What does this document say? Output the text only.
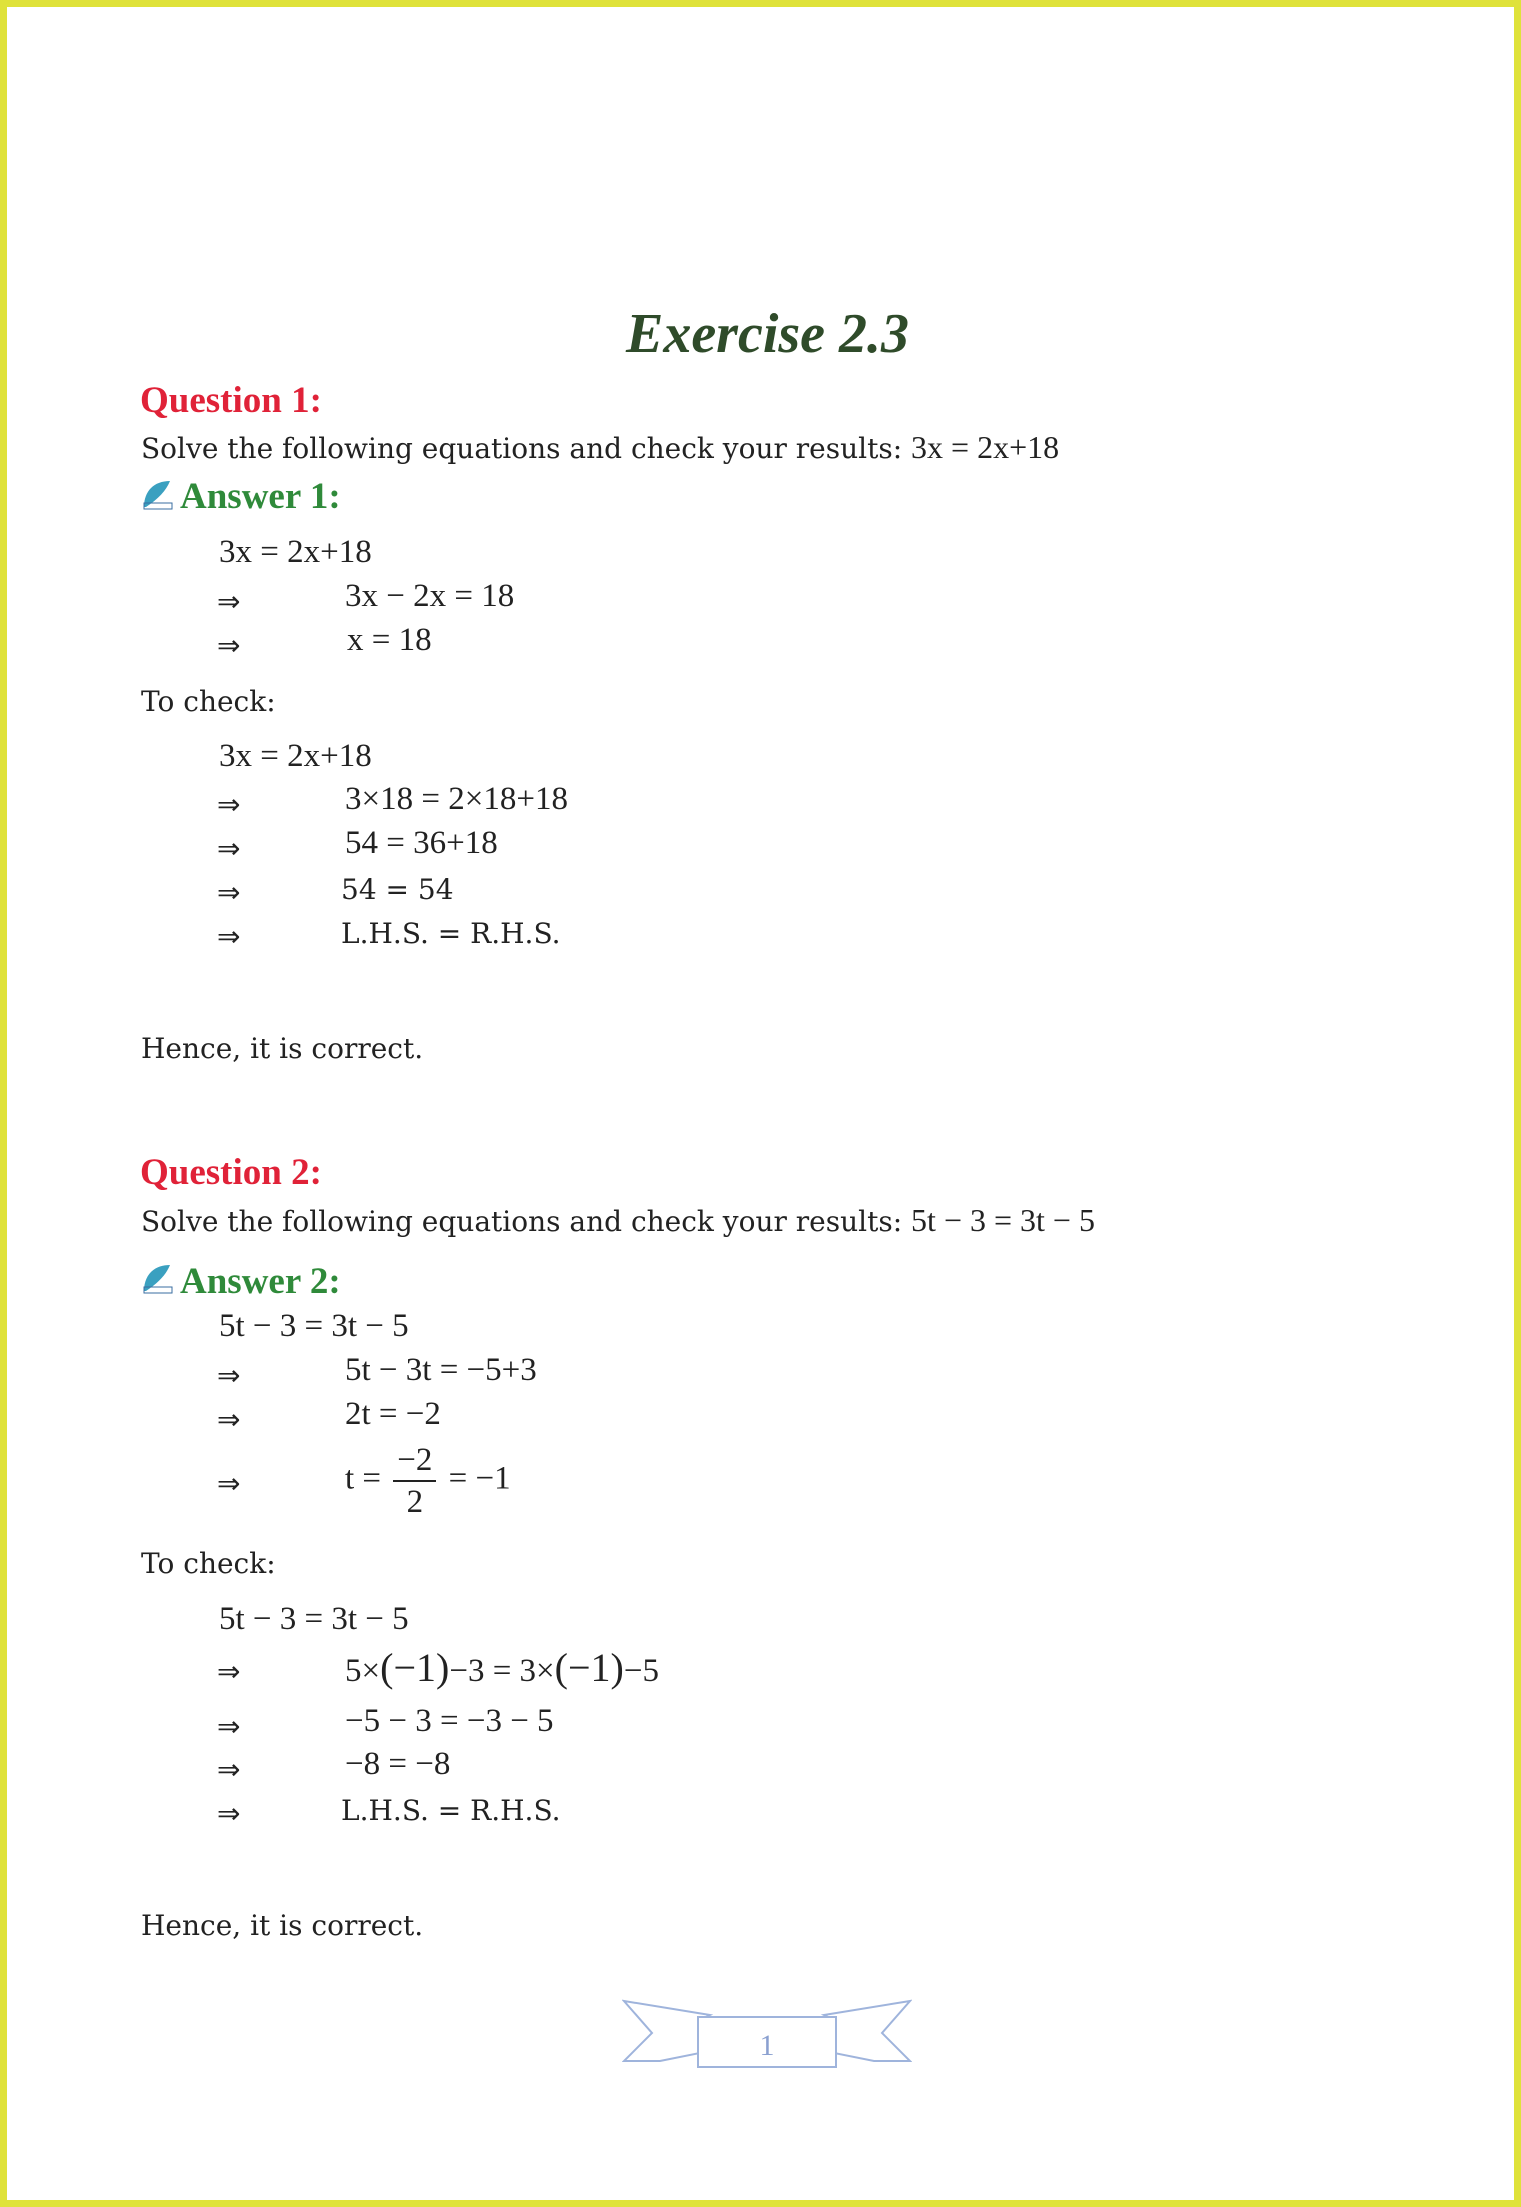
Exercise 2.3
Question 1:
Solve the following equations and check your results: 3x = 2x+18
Answer 1:
3x = 2x+18
⇒	3x − 2x = 18
⇒	x = 18
To check:
3x = 2x+18
⇒	3×18 = 2×18+18
⇒	54 = 36+18
⇒	54 = 54
⇒	L.H.S. = R.H.S.
Hence, it is correct.
Question 2:
Solve the following equations and check your results: 5t − 3 = 3t − 5
Answer 2:
5t − 3 = 3t − 5
⇒	5t − 3t = −5+3
⇒	2t = −2
⇒	$t = \frac{-2}{2} = -1$
To check:
5t − 3 = 3t − 5
⇒	5×(−1)−3 = 3×(−1)−5
⇒	−5 − 3 = −3 − 5
⇒	−8 = −8
⇒	L.H.S. = R.H.S.
Hence, it is correct.
1
